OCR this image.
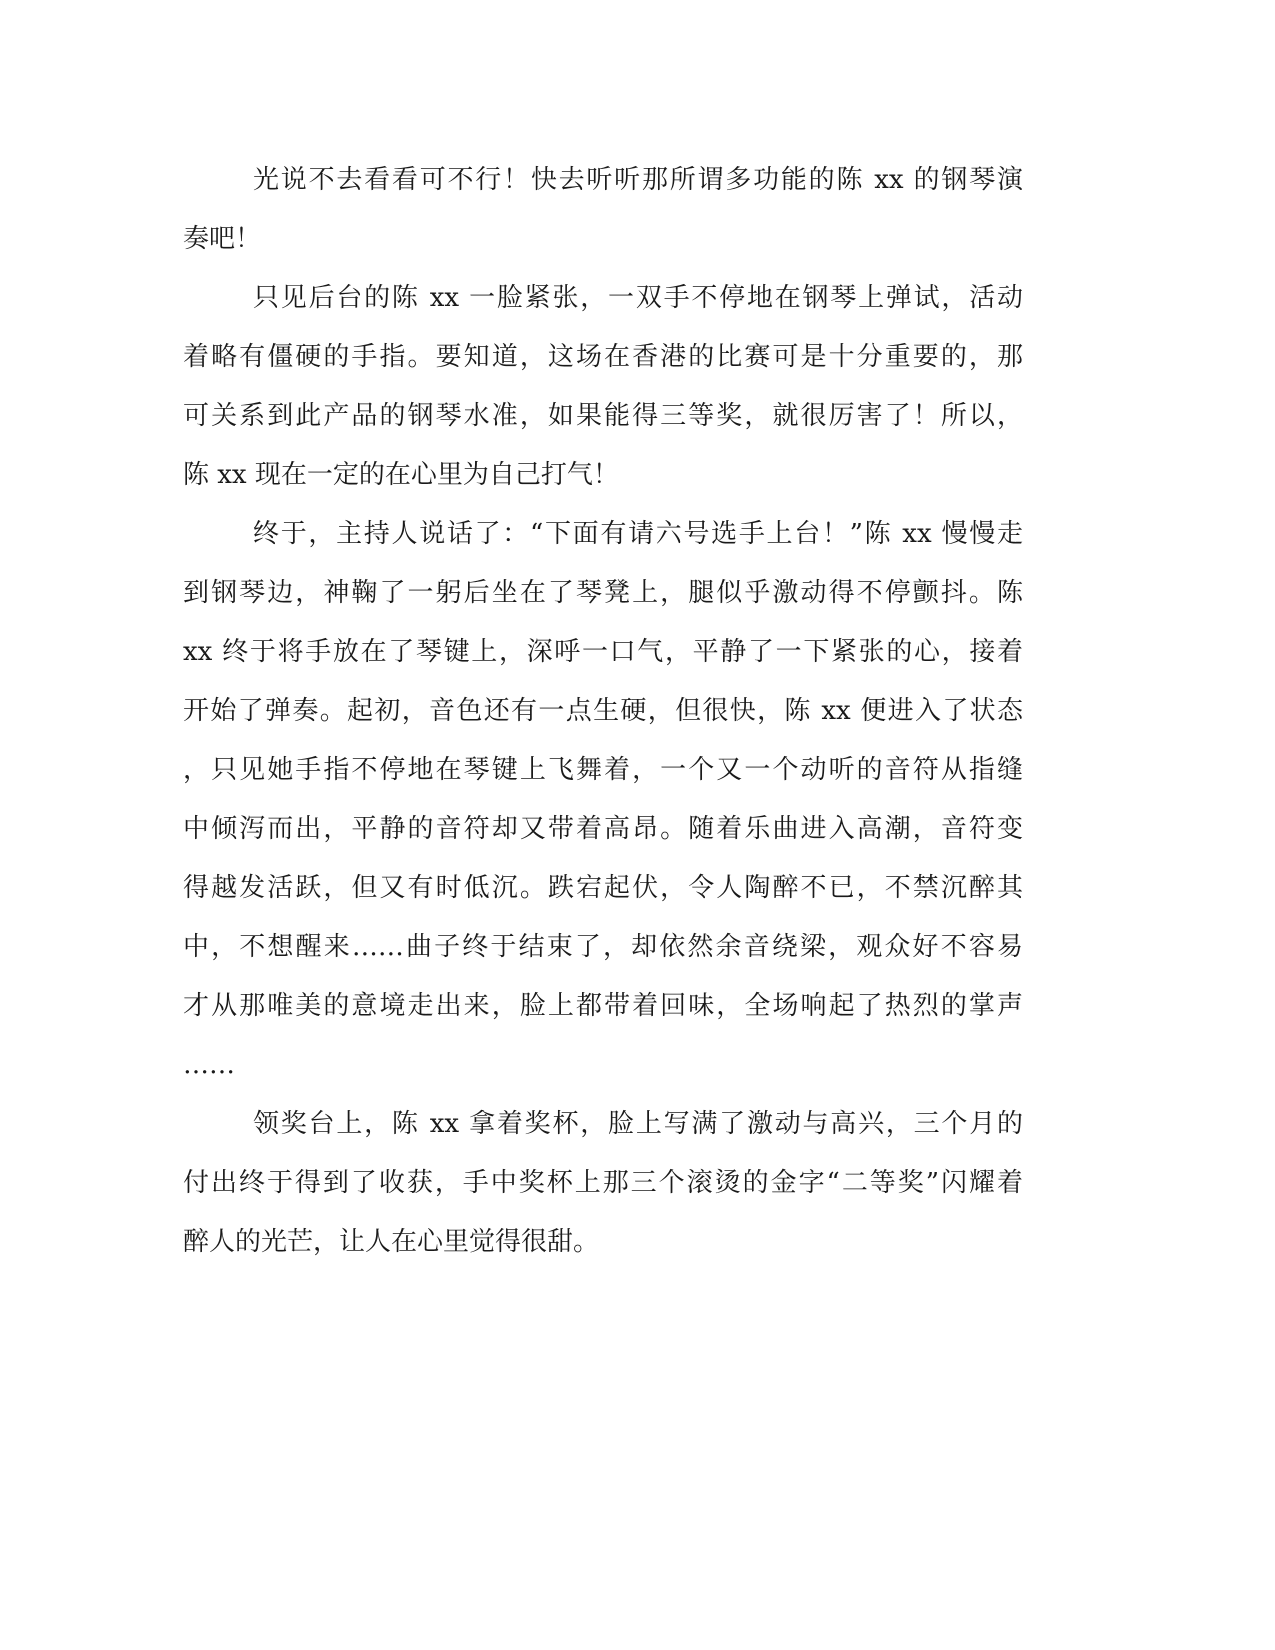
光说不去看看可不行！快去听听那所谓多功能的陈 xx 的钢琴演
奏吧！
只见后台的陈 xx 一脸紧张，一双手不停地在钢琴上弹试，活动
着略有僵硬的手指。要知道，这场在香港的比赛可是十分重要的，那
可关系到此产品的钢琴水准，如果能得三等奖，就很厉害了！所以，
陈 xx 现在一定的在心里为自己打气！
终于，主持人说话了：“下面有请六号选手上台！”陈 xx 慢慢走
到钢琴边，神鞠了一躬后坐在了琴凳上，腿似乎激动得不停颤抖。陈
xx 终于将手放在了琴键上，深呼一口气，平静了一下紧张的心，接着
开始了弹奏。起初，音色还有一点生硬，但很快，陈 xx 便进入了状态
，只见她手指不停地在琴键上飞舞着，一个又一个动听的音符从指缝
中倾泻而出，平静的音符却又带着高昂。随着乐曲进入高潮，音符变
得越发活跃，但又有时低沉。跌宕起伏，令人陶醉不已，不禁沉醉其
中，不想醒来……曲子终于结束了，却依然余音绕梁，观众好不容易
才从那唯美的意境走出来，脸上都带着回味，全场响起了热烈的掌声
……
领奖台上，陈 xx 拿着奖杯，脸上写满了激动与高兴，三个月的
付出终于得到了收获，手中奖杯上那三个滚烫的金字“二等奖”闪耀着
醉人的光芒，让人在心里觉得很甜。
